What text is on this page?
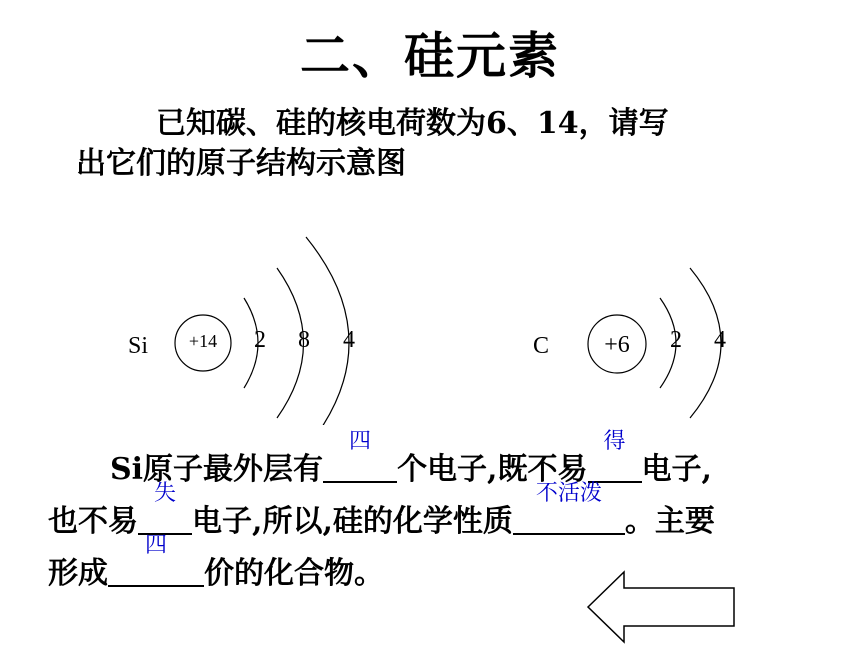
二、硅元素
已知碳、硅的核电荷数为6、14，请写
出它们的原子结构示意图
Si +14 2 8 4	C +6 2 4
Si原子最外层有
四
个电子,既不易
得
电子,
也不易
失
电子,所以,硅的化学性质
不活泼
。主要
形成
四
价的化合物。
